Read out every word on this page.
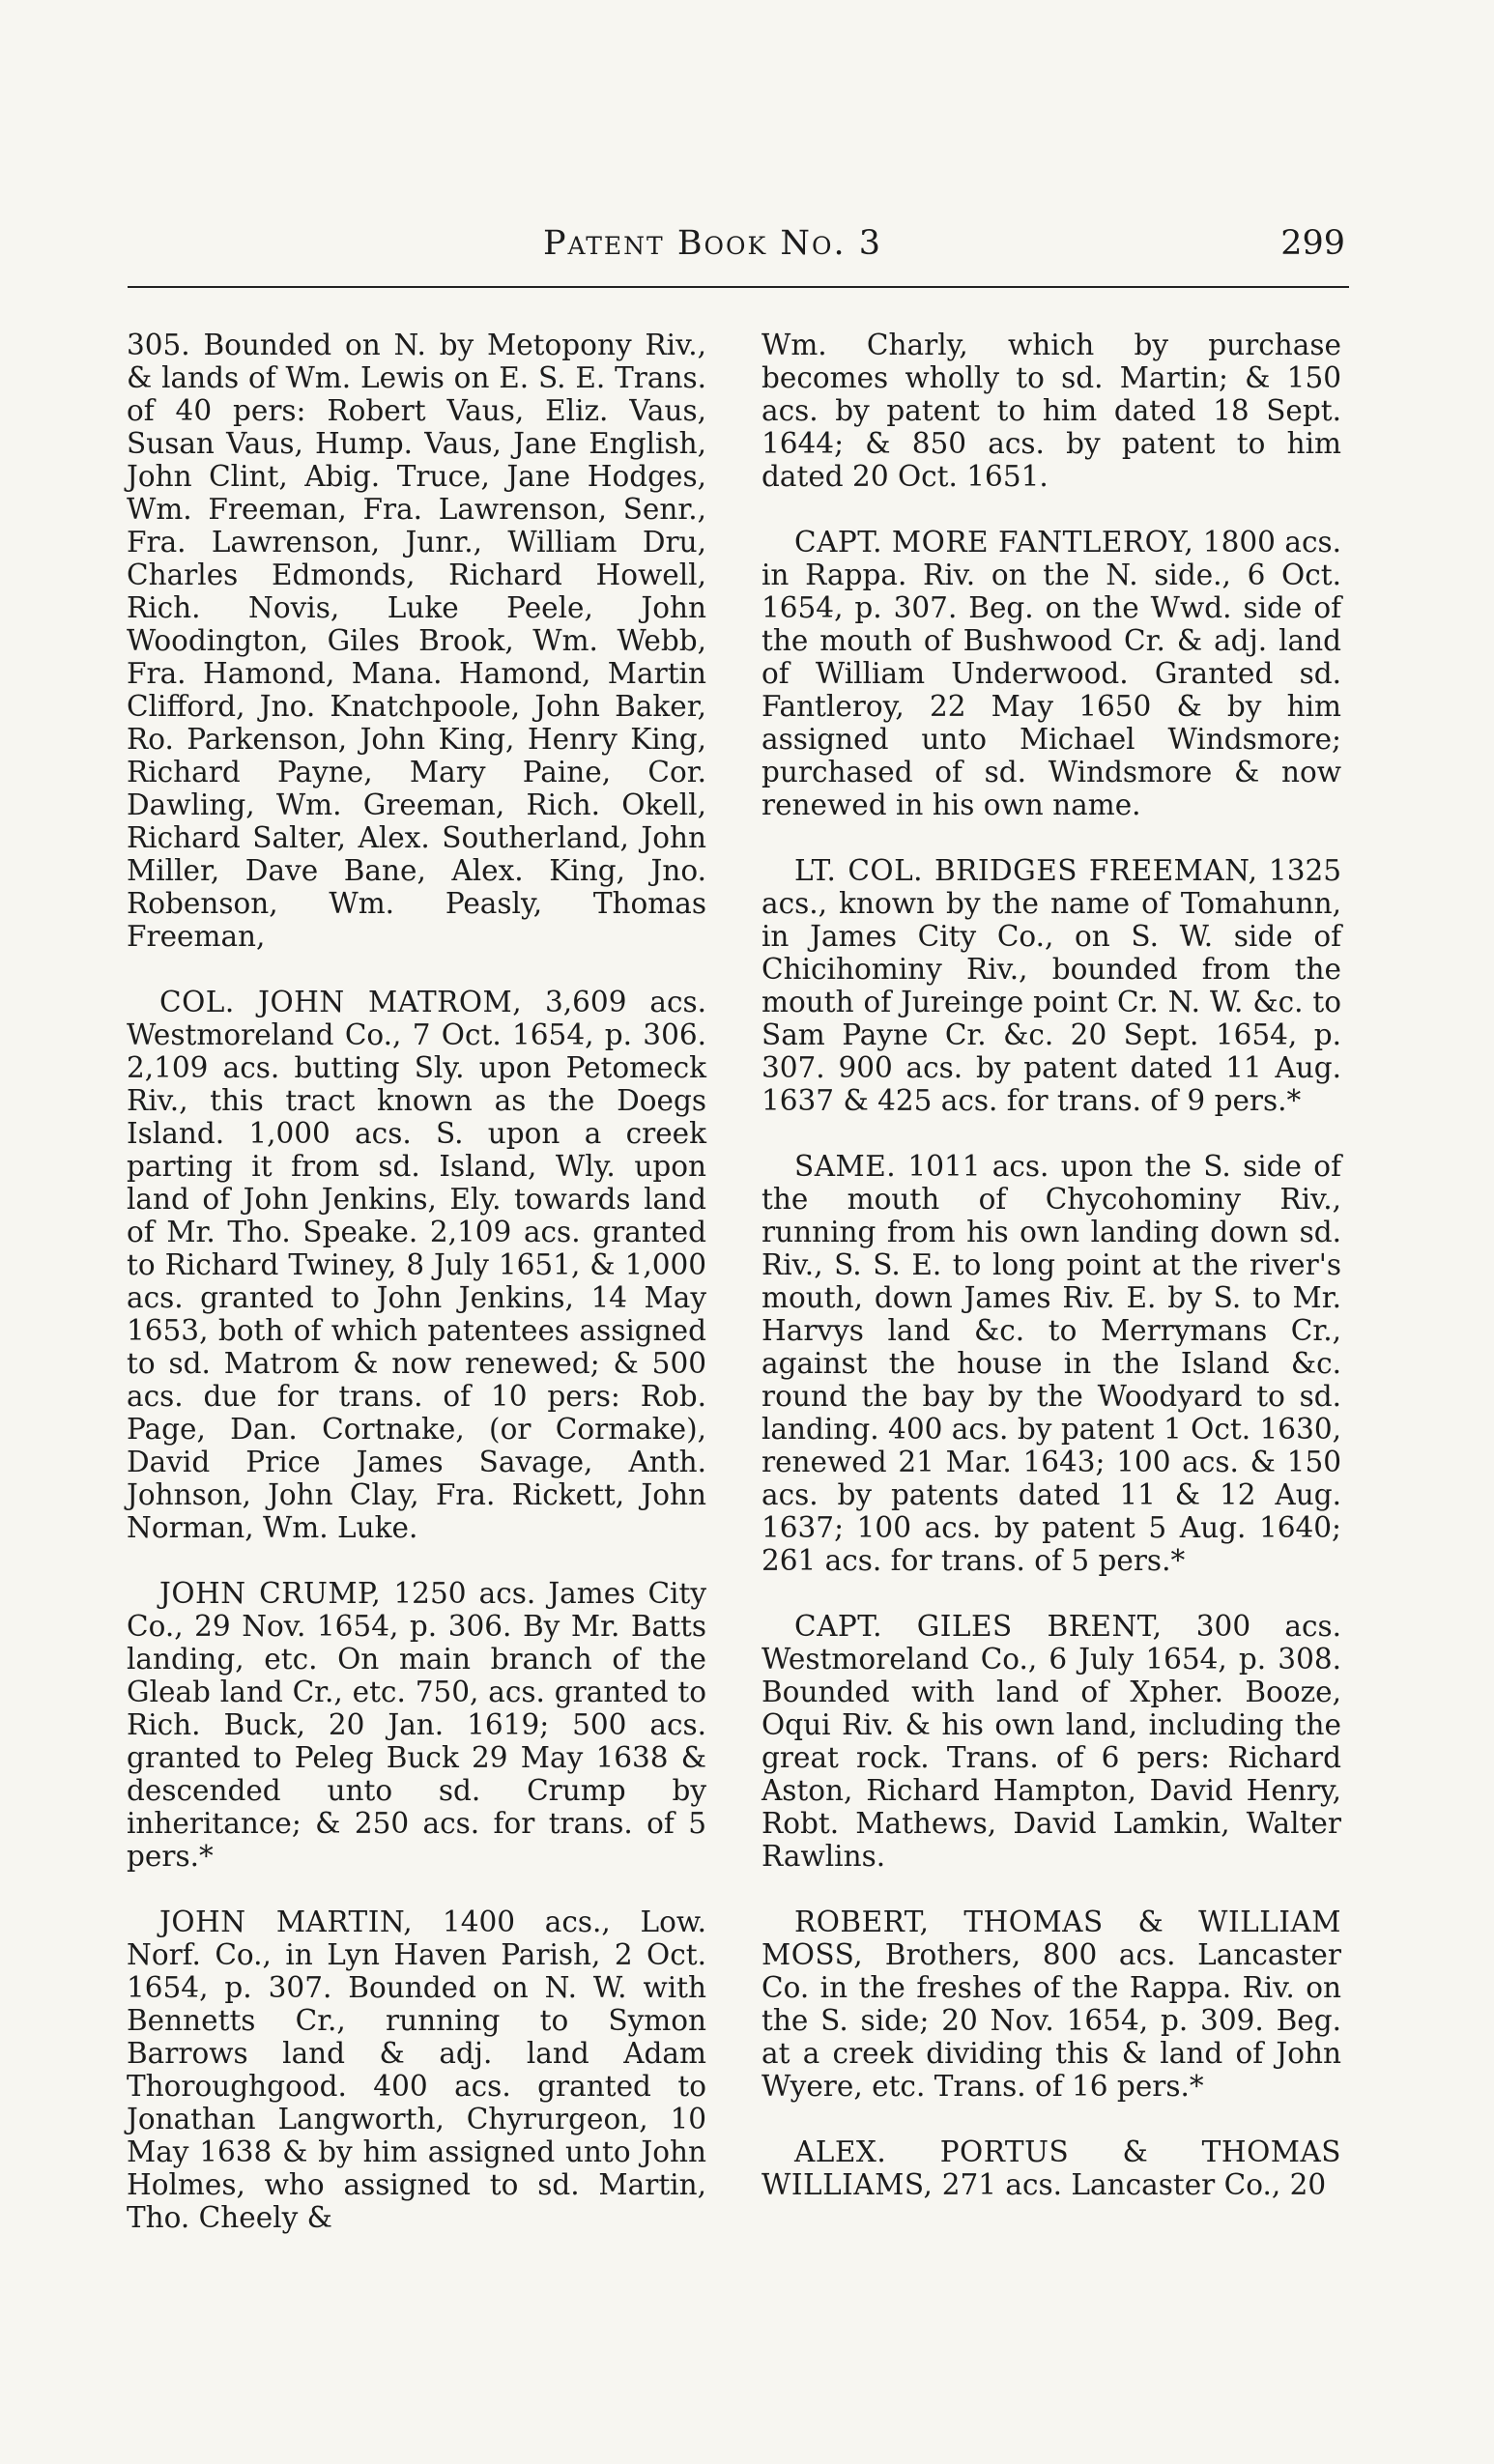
Patent Book No. 3	299

305. Bounded on N. by Metopony Riv., & lands of Wm. Lewis on E. S. E. Trans. of 40 pers: Robert Vaus, Eliz. Vaus, Susan Vaus, Hump. Vaus, Jane English, John Clint, Abig. Truce, Jane Hodges, Wm. Freeman, Fra. Lawrenson, Senr., Fra. Lawrenson, Junr., William Dru, Charles Edmonds, Richard Howell, Rich. Novis, Luke Peele, John Woodington, Giles Brook, Wm. Webb, Fra. Hamond, Mana. Hamond, Martin Clifford, Jno. Knatchpoole, John Baker, Ro. Parkenson, John King, Henry King, Richard Payne, Mary Paine, Cor. Dawling, Wm. Greeman, Rich. Okell, Richard Salter, Alex. Southerland, John Miller, Dave Bane, Alex. King, Jno. Robenson, Wm. Peasly, Thomas Freeman,

COL. JOHN MATROM, 3,609 acs. Westmoreland Co., 7 Oct. 1654, p. 306. 2,109 acs. butting Sly. upon Petomeck Riv., this tract known as the Doegs Island. 1,000 acs. S. upon a creek parting it from sd. Island, Wly. upon land of John Jenkins, Ely. towards land of Mr. Tho. Speake. 2,109 acs. granted to Richard Twiney, 8 July 1651, & 1,000 acs. granted to John Jenkins, 14 May 1653, both of which patentees assigned to sd. Matrom & now renewed; & 500 acs. due for trans. of 10 pers: Rob. Page, Dan. Cortnake, (or Cormake), David Price James Savage, Anth. Johnson, John Clay, Fra. Rickett, John Norman, Wm. Luke.

JOHN CRUMP, 1250 acs. James City Co., 29 Nov. 1654, p. 306. By Mr. Batts landing, etc. On main branch of the Gleab land Cr., etc. 750, acs. granted to Rich. Buck, 20 Jan. 1619; 500 acs. granted to Peleg Buck 29 May 1638 & descended unto sd. Crump by inheritance; & 250 acs. for trans. of 5 pers.*

JOHN MARTIN, 1400 acs., Low. Norf. Co., in Lyn Haven Parish, 2 Oct. 1654, p. 307. Bounded on N. W. with Bennetts Cr., running to Symon Barrows land & adj. land Adam Thoroughgood. 400 acs. granted to Jonathan Langworth, Chyrurgeon, 10 May 1638 & by him assigned unto John Holmes, who assigned to sd. Martin, Tho. Cheely &

Wm. Charly, which by purchase becomes wholly to sd. Martin; & 150 acs. by patent to him dated 18 Sept. 1644; & 850 acs. by patent to him dated 20 Oct. 1651.

CAPT. MORE FANTLEROY, 1800 acs. in Rappa. Riv. on the N. side., 6 Oct. 1654, p. 307. Beg. on the Wwd. side of the mouth of Bushwood Cr. & adj. land of William Underwood. Granted sd. Fantleroy, 22 May 1650 & by him assigned unto Michael Windsmore; purchased of sd. Windsmore & now renewed in his own name.

LT. COL. BRIDGES FREEMAN, 1325 acs., known by the name of Tomahunn, in James City Co., on S. W. side of Chicihominy Riv., bounded from the mouth of Jureinge point Cr. N. W. &c. to Sam Payne Cr. &c. 20 Sept. 1654, p. 307. 900 acs. by patent dated 11 Aug. 1637 & 425 acs. for trans. of 9 pers.*

SAME. 1011 acs. upon the S. side of the mouth of Chycohominy Riv., running from his own landing down sd. Riv., S. S. E. to long point at the river's mouth, down James Riv. E. by S. to Mr. Harvys land &c. to Merrymans Cr., against the house in the Island &c. round the bay by the Woodyard to sd. landing. 400 acs. by patent 1 Oct. 1630, renewed 21 Mar. 1643; 100 acs. & 150 acs. by patents dated 11 & 12 Aug. 1637; 100 acs. by patent 5 Aug. 1640; 261 acs. for trans. of 5 pers.*

CAPT. GILES BRENT, 300 acs. Westmoreland Co., 6 July 1654, p. 308. Bounded with land of Xpher. Booze, Oqui Riv. & his own land, including the great rock. Trans. of 6 pers: Richard Aston, Richard Hampton, David Henry, Robt. Mathews, David Lamkin, Walter Rawlins.

ROBERT, THOMAS & WILLIAM MOSS, Brothers, 800 acs. Lancaster Co. in the freshes of the Rappa. Riv. on the S. side; 20 Nov. 1654, p. 309. Beg. at a creek dividing this & land of John Wyere, etc. Trans. of 16 pers.*

ALEX. PORTUS & THOMAS WILLIAMS, 271 acs. Lancaster Co., 20
